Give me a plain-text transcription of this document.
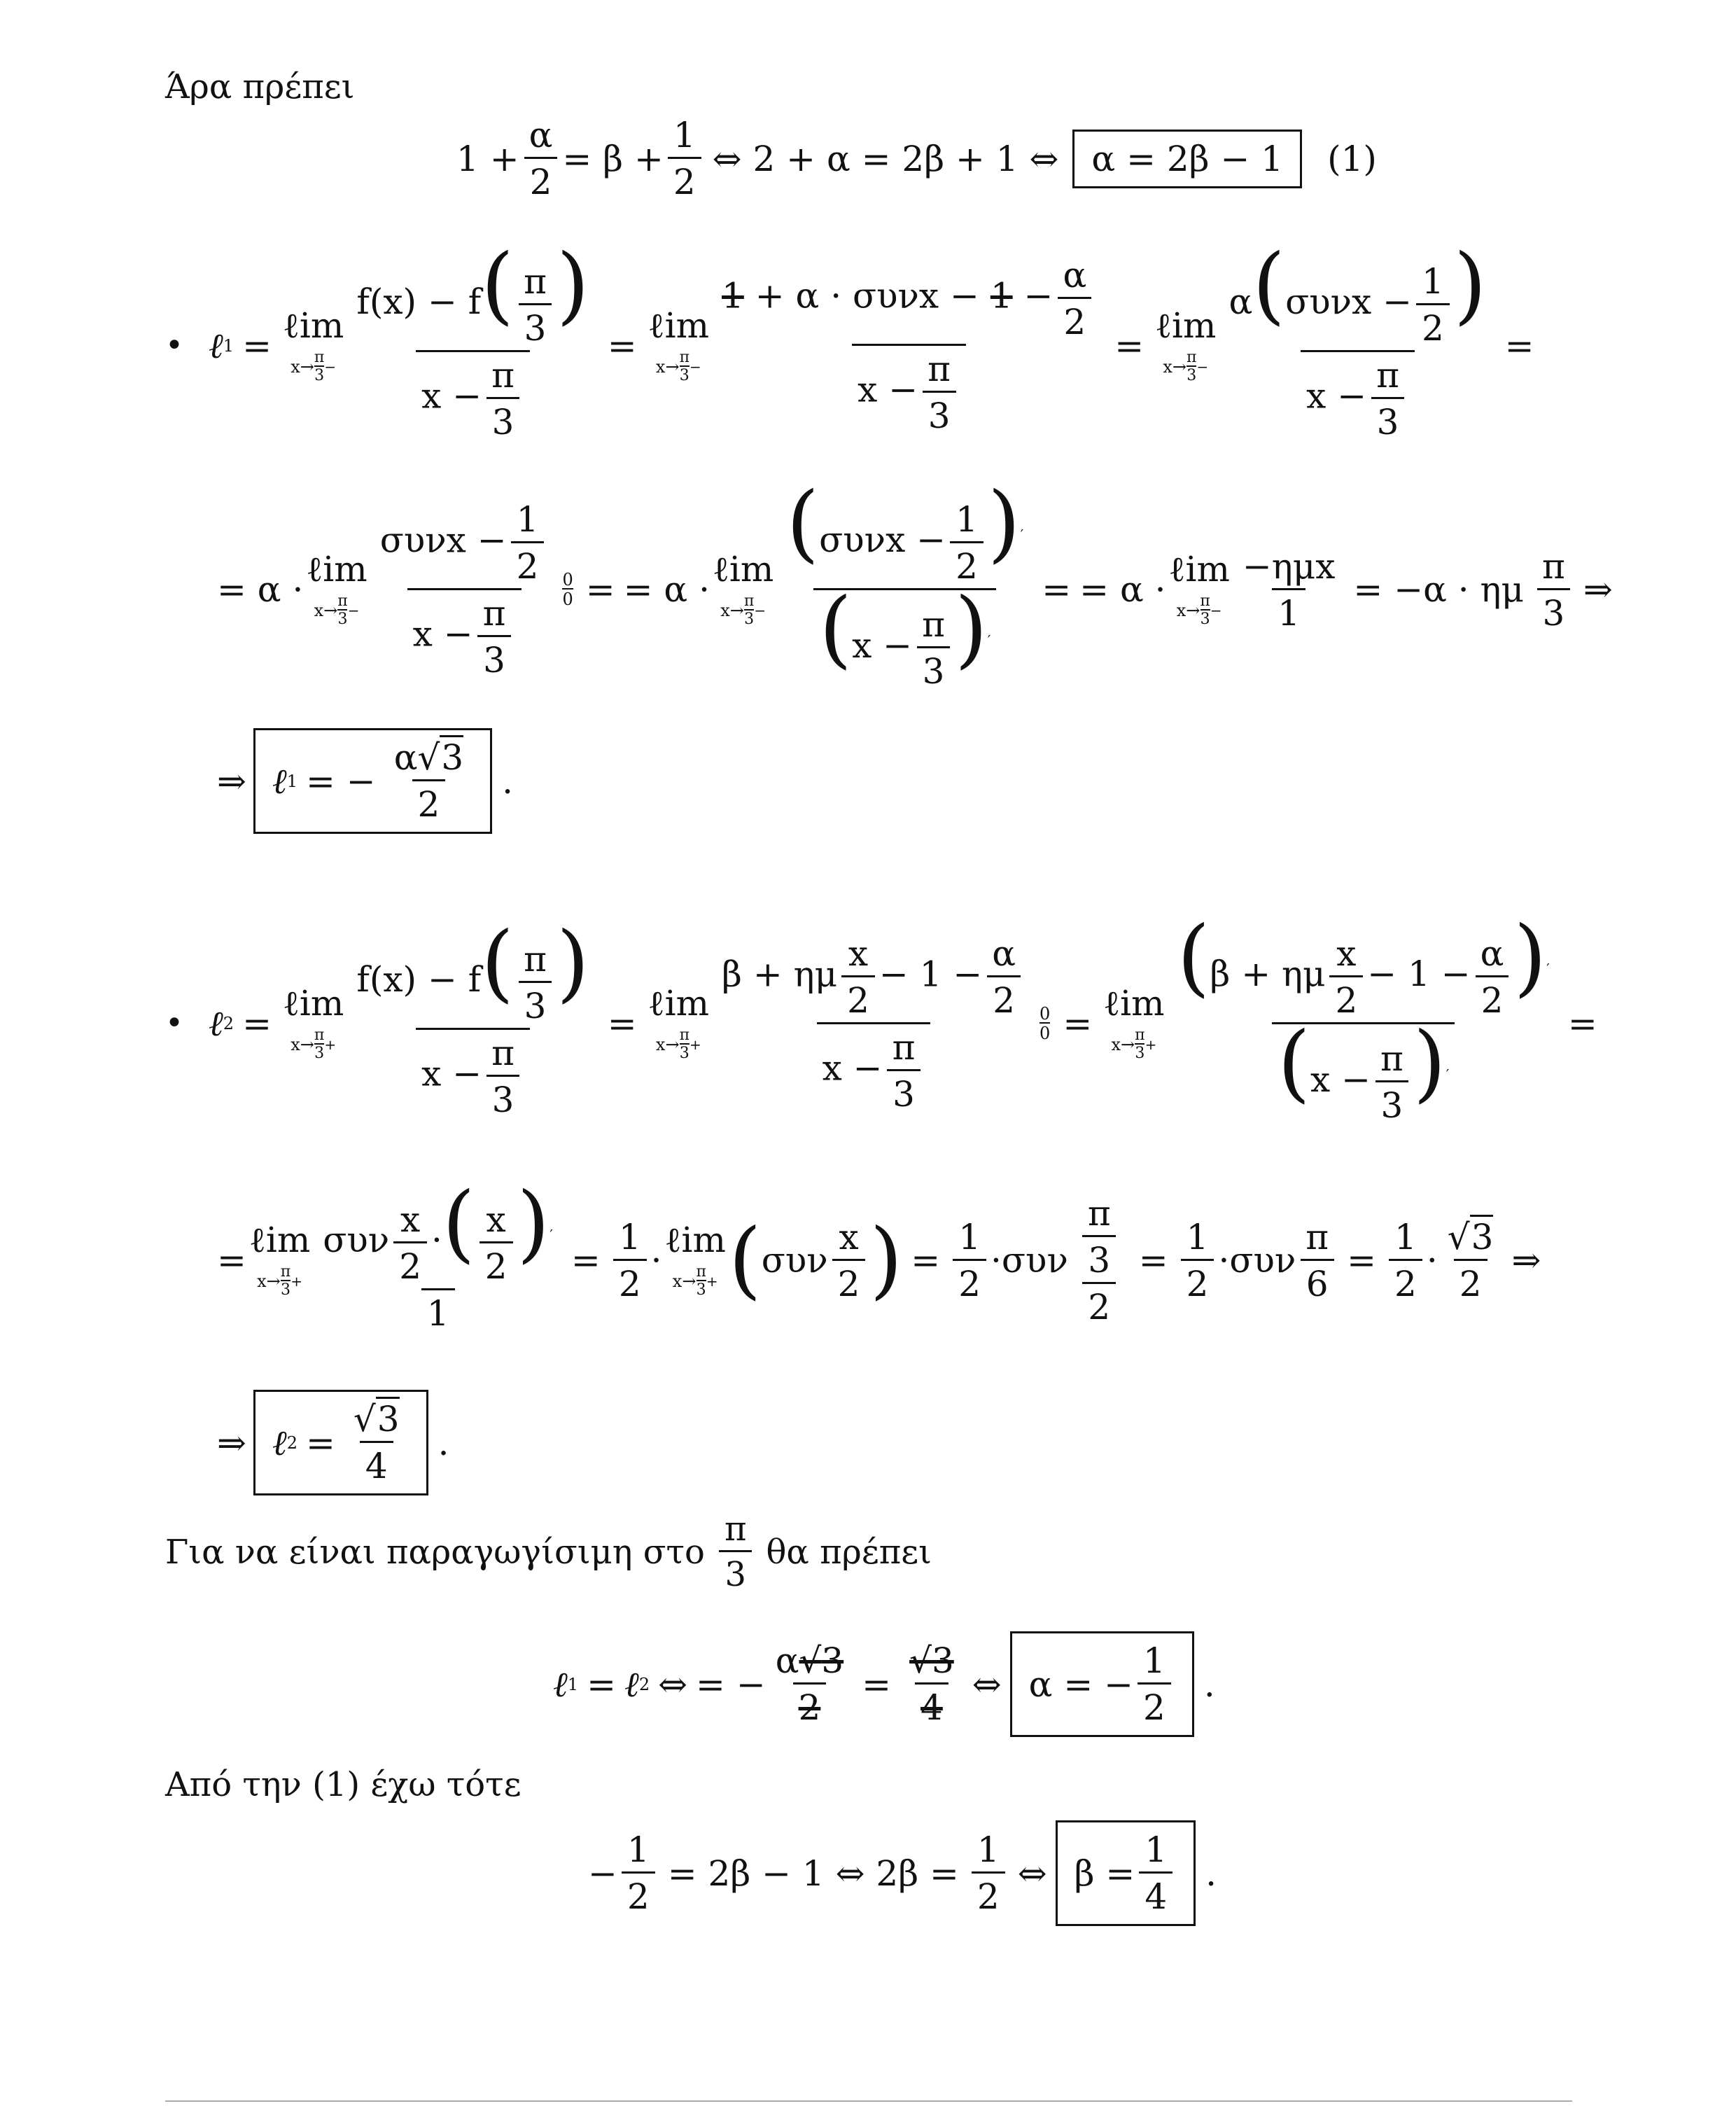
Άρα πρέπει
$1 + \frac{\alpha}{2} = \beta + \frac{1}{2}$ ⇔ 2 + α = 2β + 1 ⇔ α = 2β − 1 (1)
• ℓ 1 = ℓim
x→ π
$3 - \frac{f(x) - f( \frac{\pi}{3} )}{x - \frac{\pi}{3}}$ = ℓim
x→ π
$3 - \frac{1 + \alpha \cdot \sigma\upsilon\nu x - 1 - \frac{\alpha}{2}}{x - \frac{\pi}{3}}$ = ℓim
x→ π
$3 - \frac{\alpha(\sigma\upsilon\nu x - \frac{1}{2} )}{x - \frac{\pi}{3}}$ =
= α · ℓim
x→ π
$3 - \frac{\sigma\upsilon\nu x - \frac{1}{2}}{x - \frac{\pi}{3}} \frac{0}{0}$ = = α · ℓim
x→ π
$3 - \frac{(\sigma\upsilon\nu x - \frac{1}{2} )'}{(x - \frac{\pi}{3} )'}$ = = α · ℓim
x→ π
$3 - \frac{\text{−ημx}}{1} = -\alpha \cdot \eta\mu \frac{\pi}{3}$ ⇒
⇒ ℓ 1 = − $\frac{\alpha√3}{2}$ .
• ℓ 2 = ℓim
x→ π
$3 + \frac{f(x) - f( \frac{\pi}{3} )}{x - \frac{\pi}{3}}$ = ℓim
x→ π
$3 + \frac{\beta + \eta\mu \frac{x}{2} - 1 - \frac{\alpha}{2}}{x - \frac{\pi}{3}} \frac{0}{0}$ = ℓim
x→ π
$3 + \frac{(\beta + \eta\mu \frac{x}{2} - 1 - \frac{\alpha}{2} )'}{(x - \frac{\pi}{3} )'}$ =
= ℓim
x→ π
$3 + \frac{\sigma\upsilon\nu \frac{x}{2} \cdot( \frac{x}{2} )'}{1} = \frac{1}{2}$ · ℓim
x→ π
3 + ( συν $\frac{x}{2}$ ) = $\frac{1}{2} \cdot \sigma\upsilon\nu \frac{\frac{\pi}{3}}{2} = \frac{1}{2} \cdot \sigma\upsilon\nu \frac{\pi}{6} = \frac{1}{2} \cdot \frac{√3}{2}$ ⇒
⇒ ℓ $2 = \frac{√3}{4}$ .
Για να είναι παραγωγίσιμη στο $\frac{\pi}{3}$ θα πρέπει
ℓ 1 = ℓ 2 ⇔ = − $\frac{\alpha√3}{2} = \frac{√3}{4}$ ⇔ α = − $\frac{1}{2}$ .
Από την (1) έχω τότε
− $\frac{1}{2} = 2\beta - 1$ ⇔ $2\beta = \frac{1}{2}$ ⇔ $\beta = \frac{1}{4}$ .
